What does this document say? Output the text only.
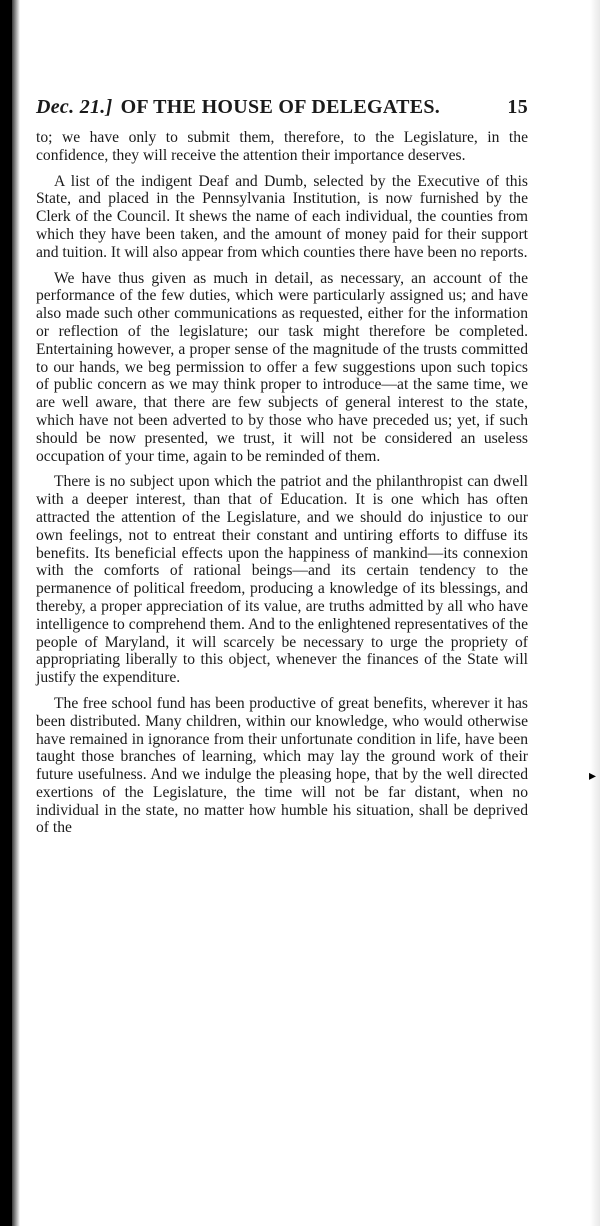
▸
Dec. 21.] OF THE HOUSE OF DELEGATES.	15

to; we have only to submit them, therefore, to the Legislature, in the confidence, they will receive the attention their importance deserves.

A list of the indigent Deaf and Dumb, selected by the Executive of this State, and placed in the Pennsylvania Institution, is now furnished by the Clerk of the Council. It shews the name of each individual, the counties from which they have been taken, and the amount of money paid for their support and tuition. It will also appear from which counties there have been no reports.

We have thus given as much in detail, as necessary, an account of the performance of the few duties, which were particularly assigned us; and have also made such other communications as requested, either for the information or reflection of the legislature; our task might therefore be completed. Entertaining however, a proper sense of the magnitude of the trusts committed to our hands, we beg permission to offer a few suggestions upon such topics of public concern as we may think proper to introduce—at the same time, we are well aware, that there are few subjects of general interest to the state, which have not been adverted to by those who have preceded us; yet, if such should be now presented, we trust, it will not be considered an useless occupation of your time, again to be reminded of them.

There is no subject upon which the patriot and the philanthropist can dwell with a deeper interest, than that of Education. It is one which has often attracted the attention of the Legislature, and we should do injustice to our own feelings, not to entreat their constant and untiring efforts to diffuse its benefits. Its beneficial effects upon the happiness of mankind—its connexion with the comforts of rational beings—and its certain tendency to the permanence of political freedom, producing a knowledge of its blessings, and thereby, a proper appreciation of its value, are truths admitted by all who have intelligence to comprehend them. And to the enlightened representatives of the people of Maryland, it will scarcely be necessary to urge the propriety of appropriating liberally to this object, whenever the finances of the State will justify the expenditure.

The free school fund has been productive of great benefits, wherever it has been distributed. Many children, within our knowledge, who would otherwise have remained in ignorance from their unfortunate condition in life, have been taught those branches of learning, which may lay the ground work of their future usefulness. And we indulge the pleasing hope, that by the well directed exertions of the Legislature, the time will not be far distant, when no individual in the state, no matter how humble his situation, shall be deprived of the
